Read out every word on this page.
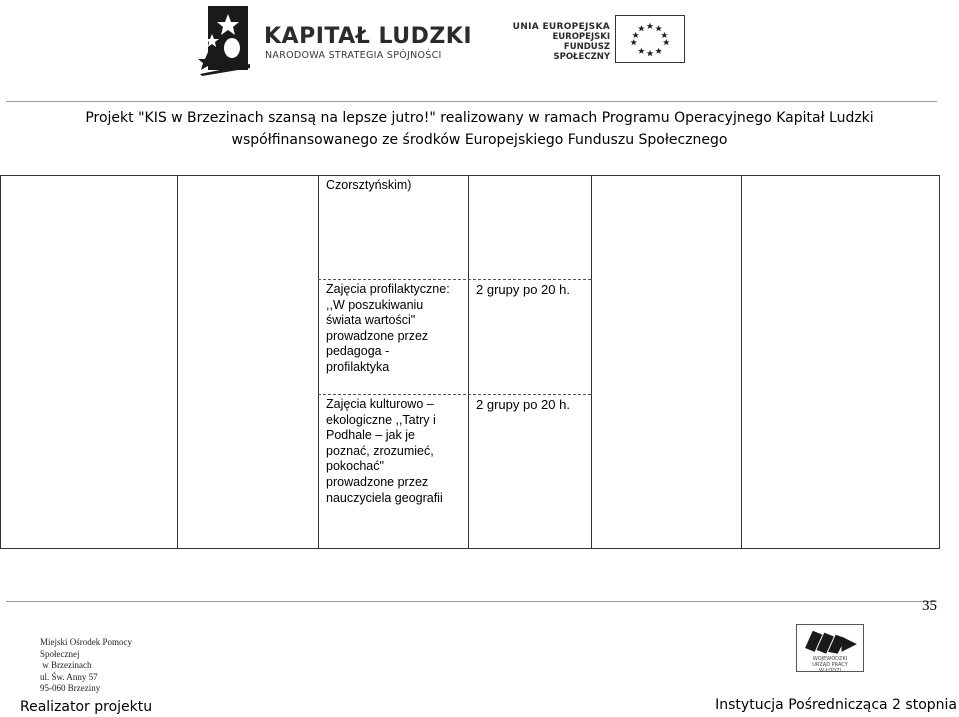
KAPITAŁ LUDZKI
NARODOWA STRATEGIA SPÓJNOŚCI
UNIA EUROPEJSKA
EUROPEJSKI
FUNDUSZ SPOŁECZNY
Projekt "KIS w Brzezinach szansą na lepsze jutro!" realizowany w ramach Programu Operacyjnego Kapitał Ludzki
współfinansowanego ze środków Europejskiego Funduszu Społecznego
Czorsztyńskim)
Zajęcia profilaktyczne:
,,W poszukiwaniu
świata wartości"
prowadzone przez
pedagoga -
profilaktyka
2 grupy po 20 h.
Zajęcia kulturowo –
ekologiczne ,,Tatry i
Podhale – jak je
poznać, zrozumieć,
pokochać"
prowadzone przez
nauczyciela geografii
2 grupy po 20 h.
35
Miejski Ośrodek Pomocy
Społecznej
w Brzezinach
ul. Św. Anny 57
95-060 Brzeziny
WOJEWÓDZKI
URZĄD PRACY
W ŁODZI
Realizator projektu	Instytucja Pośrednicząca 2 stopnia
